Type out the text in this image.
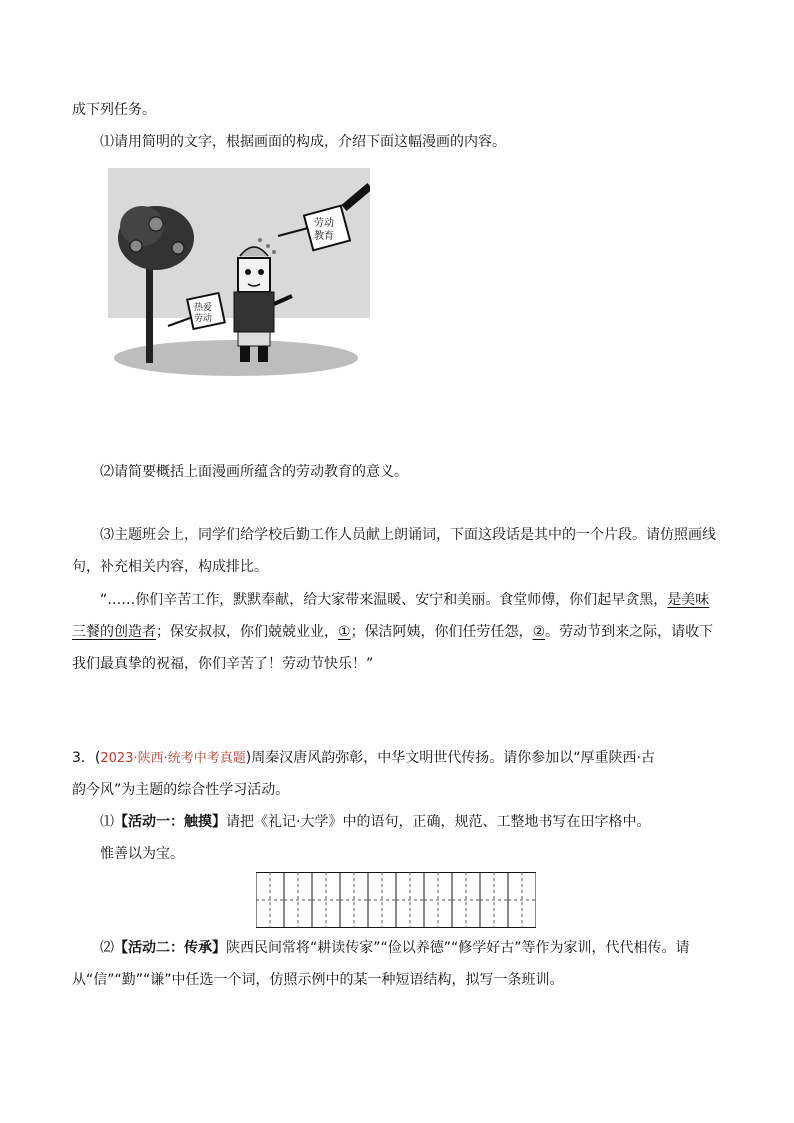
成下列任务。
⑴请用简明的文字，根据画面的构成，介绍下面这幅漫画的内容。
热爱
劳动
劳动
教育
⑵请简要概括上面漫画所蕴含的劳动教育的意义。
⑶主题班会上，同学们给学校后勤工作人员献上朗诵词，下面这段话是其中的一个片段。请仿照画线
句，补充相关内容，构成排比。
“……你们辛苦工作，默默奉献，给大家带来温暖、安宁和美丽。食堂师傅，你们起早贪黑，是美味
三餐的创造者；保安叔叔，你们兢兢业业，①；保洁阿姨，你们任劳任怨，②。劳动节到来之际，请收下
我们最真挚的祝福，你们辛苦了！劳动节快乐！”
3．(2023·陕西·统考中考真题)周秦汉唐风韵弥彰，中华文明世代传扬。请你参加以“厚重陕西·古
韵今风”为主题的综合性学习活动。
⑴【活动一：触摸】请把《礼记·大学》中的语句，正确，规范、工整地书写在田字格中。
惟善以为宝。
⑵【活动二：传承】陕西民间常将“耕读传家”“俭以养德”“修学好古”等作为家训，代代相传。请
从“信”“勤”“谦”中任选一个词，仿照示例中的某一种短语结构，拟写一条班训。
